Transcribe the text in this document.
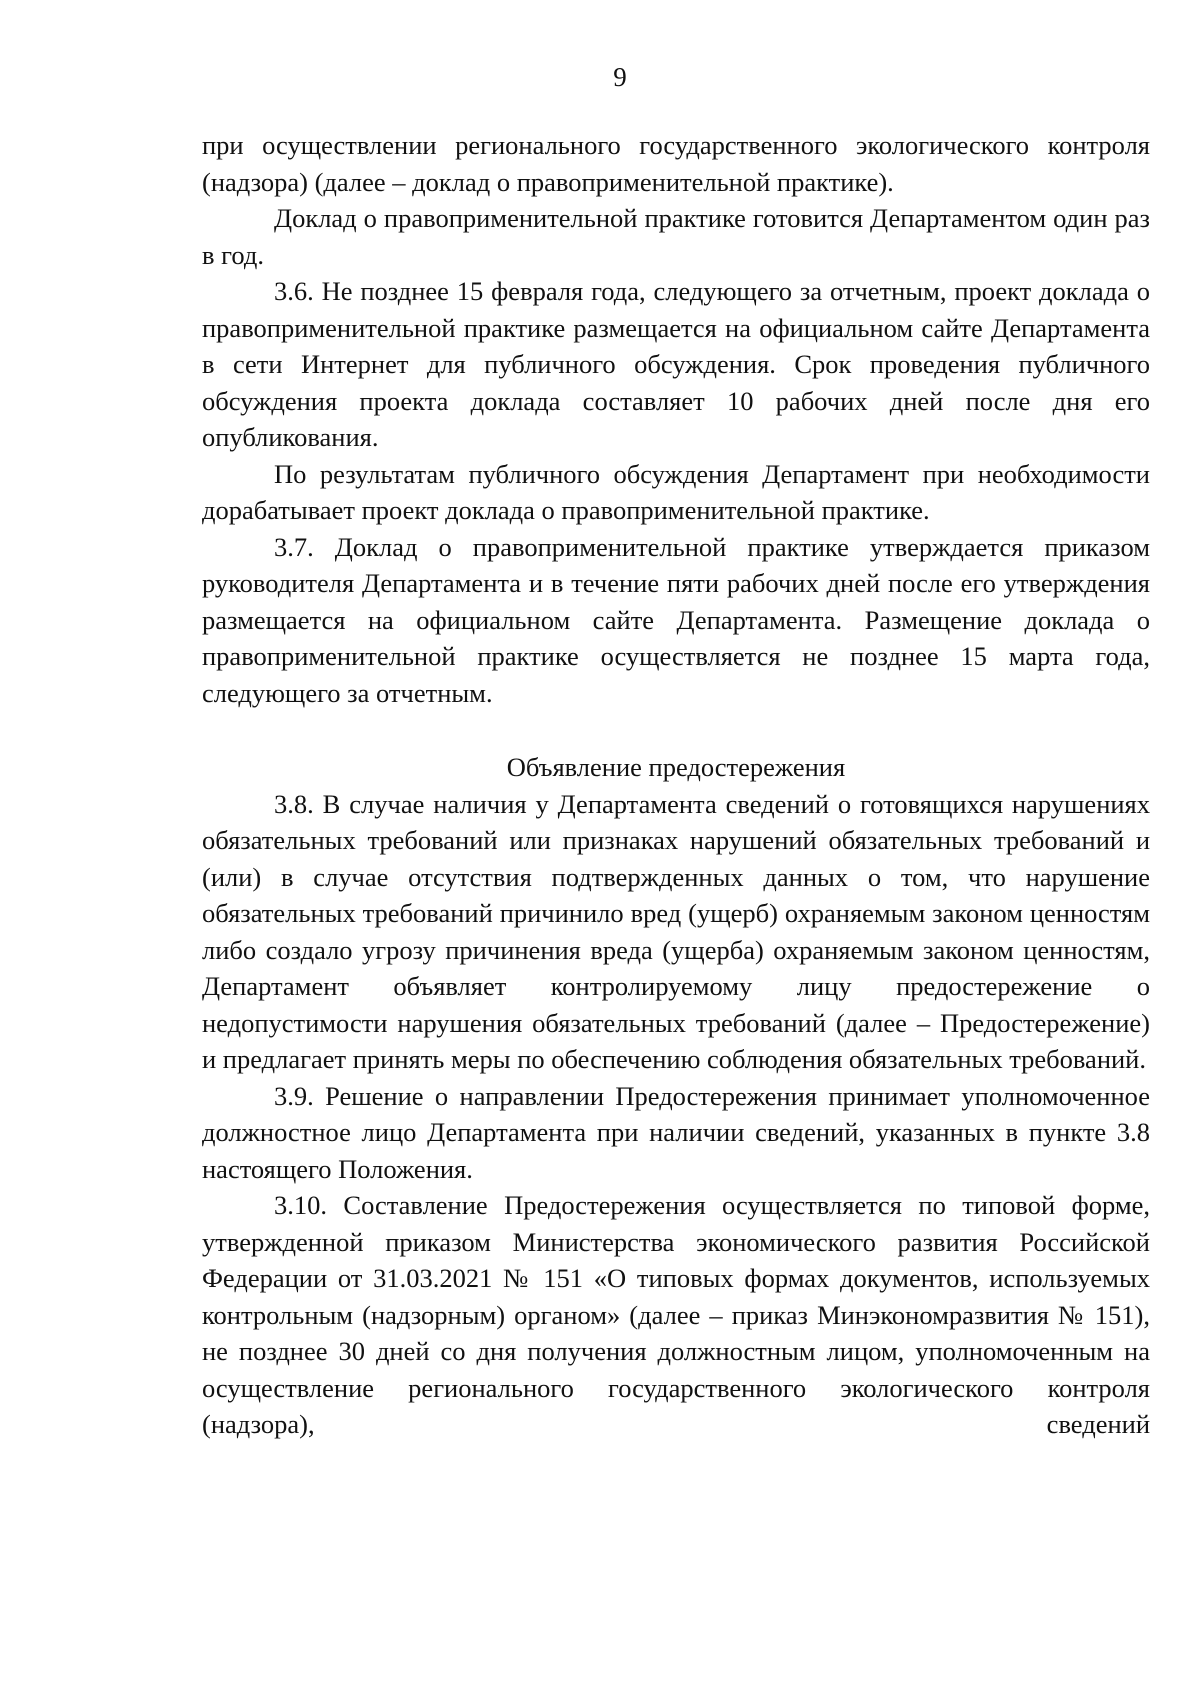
9

при осуществлении регионального государственного экологического контроля (надзора) (далее – доклад о правоприменительной практике).

Доклад о правоприменительной практике готовится Департаментом один раз в год.

3.6. Не позднее 15 февраля года, следующего за отчетным, проект доклада о правоприменительной практике размещается на официальном сайте Департамента в сети Интернет для публичного обсуждения. Срок проведения публичного обсуждения проекта доклада составляет 10 рабочих дней после дня его опубликования.

По результатам публичного обсуждения Департамент при необходимости дорабатывает проект доклада о правоприменительной практике.

3.7. Доклад о правоприменительной практике утверждается приказом руководителя Департамента и в течение пяти рабочих дней после его утверждения размещается на официальном сайте Департамента. Размещение доклада о правоприменительной практике осуществляется не позднее 15 марта года, следующего за отчетным.

Объявление предостережения

3.8. В случае наличия у Департамента сведений о готовящихся нарушениях обязательных требований или признаках нарушений обязательных требований и (или) в случае отсутствия подтвержденных данных о том, что нарушение обязательных требований причинило вред (ущерб) охраняемым законом ценностям либо создало угрозу причинения вреда (ущерба) охраняемым законом ценностям, Департамент объявляет контролируемому лицу предостережение о недопустимости нарушения обязательных требований (далее – Предостережение) и предлагает принять меры по обеспечению соблюдения обязательных требований.

3.9. Решение о направлении Предостережения принимает уполномоченное должностное лицо Департамента при наличии сведений, указанных в пункте 3.8 настоящего Положения.

3.10. Составление Предостережения осуществляется по типовой форме, утвержденной приказом Министерства экономического развития Российской Федерации от 31.03.2021 № 151 «О типовых формах документов, используемых контрольным (надзорным) органом» (далее – приказ Минэкономразвития № 151), не позднее 30 дней со дня получения должностным лицом, уполномоченным на осуществление регионального государственного экологического контроля (надзора), сведений
